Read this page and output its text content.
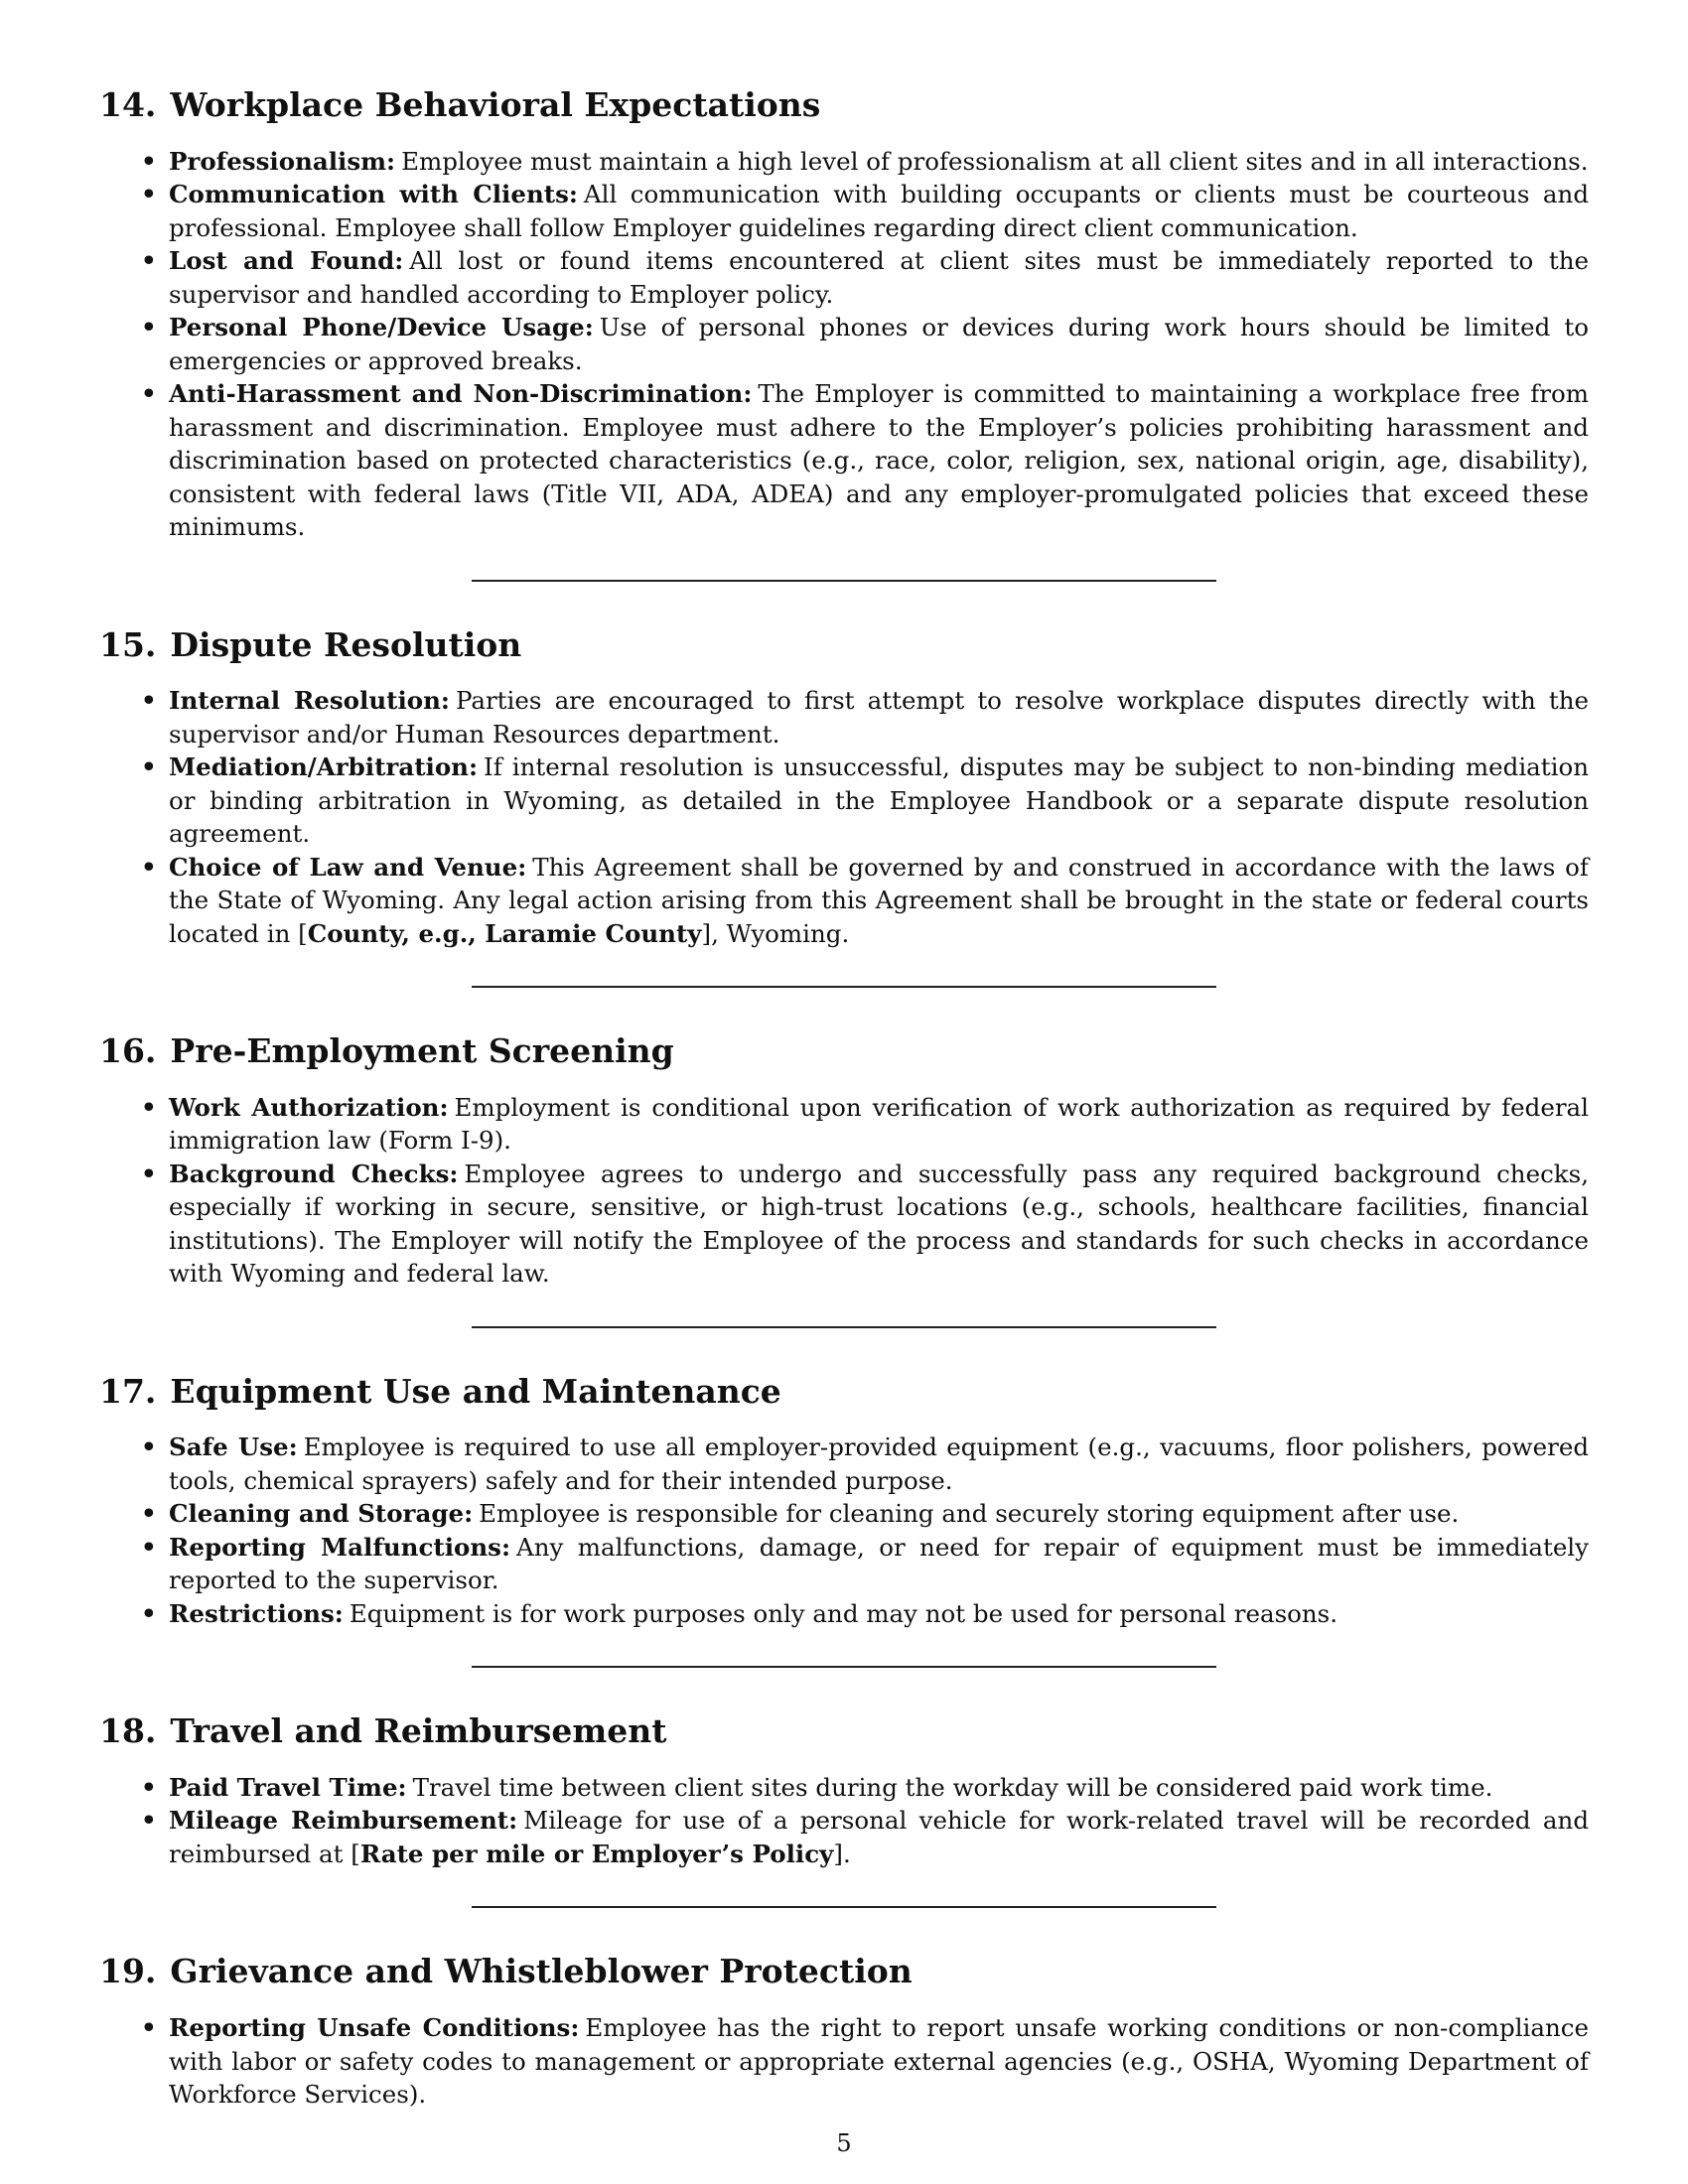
14. Workplace Behavioral Expectations
• Professionalism: Employee must maintain a high level of professionalism at all client sites and in all interactions.
• Communication with Clients: All communication with building occupants or clients must be courteous and professional. Employee shall follow Employer guidelines regarding direct client communication.
• Lost and Found: All lost or found items encountered at client sites must be immediately reported to the supervisor and handled according to Employer policy.
• Personal Phone/Device Usage: Use of personal phones or devices during work hours should be limited to emergencies or approved breaks.
• Anti-Harassment and Non-Discrimination: The Employer is committed to maintaining a workplace free from harassment and discrimination. Employee must adhere to the Employer’s policies prohibiting harassment and discrimination based on protected characteristics (e.g., race, color, religion, sex, national origin, age, disability), consistent with federal laws (Title VII, ADA, ADEA) and any employer-promulgated policies that exceed these minimums.
15. Dispute Resolution
• Internal Resolution: Parties are encouraged to first attempt to resolve workplace disputes directly with the supervisor and/or Human Resources department.
• Mediation/Arbitration: If internal resolution is unsuccessful, disputes may be subject to non-binding mediation or binding arbitration in Wyoming, as detailed in the Employee Handbook or a separate dispute resolution agreement.
• Choice of Law and Venue: This Agreement shall be governed by and construed in accordance with the laws of the State of Wyoming. Any legal action arising from this Agreement shall be brought in the state or federal courts located in [County, e.g., Laramie County], Wyoming.
16. Pre-Employment Screening
• Work Authorization: Employment is conditional upon verification of work authorization as required by federal immigration law (Form I-9).
• Background Checks: Employee agrees to undergo and successfully pass any required background checks, especially if working in secure, sensitive, or high-trust locations (e.g., schools, healthcare facilities, financial institutions). The Employer will notify the Employee of the process and standards for such checks in accordance with Wyoming and federal law.
17. Equipment Use and Maintenance
• Safe Use: Employee is required to use all employer-provided equipment (e.g., vacuums, floor polishers, powered tools, chemical sprayers) safely and for their intended purpose.
• Cleaning and Storage: Employee is responsible for cleaning and securely storing equipment after use.
• Reporting Malfunctions: Any malfunctions, damage, or need for repair of equipment must be immediately reported to the supervisor.
• Restrictions: Equipment is for work purposes only and may not be used for personal reasons.
18. Travel and Reimbursement
• Paid Travel Time: Travel time between client sites during the workday will be considered paid work time.
• Mileage Reimbursement: Mileage for use of a personal vehicle for work-related travel will be recorded and reimbursed at [Rate per mile or Employer’s Policy].
19. Grievance and Whistleblower Protection
• Reporting Unsafe Conditions: Employee has the right to report unsafe working conditions or non-compliance with labor or safety codes to management or appropriate external agencies (e.g., OSHA, Wyoming Department of Workforce Services).
5
